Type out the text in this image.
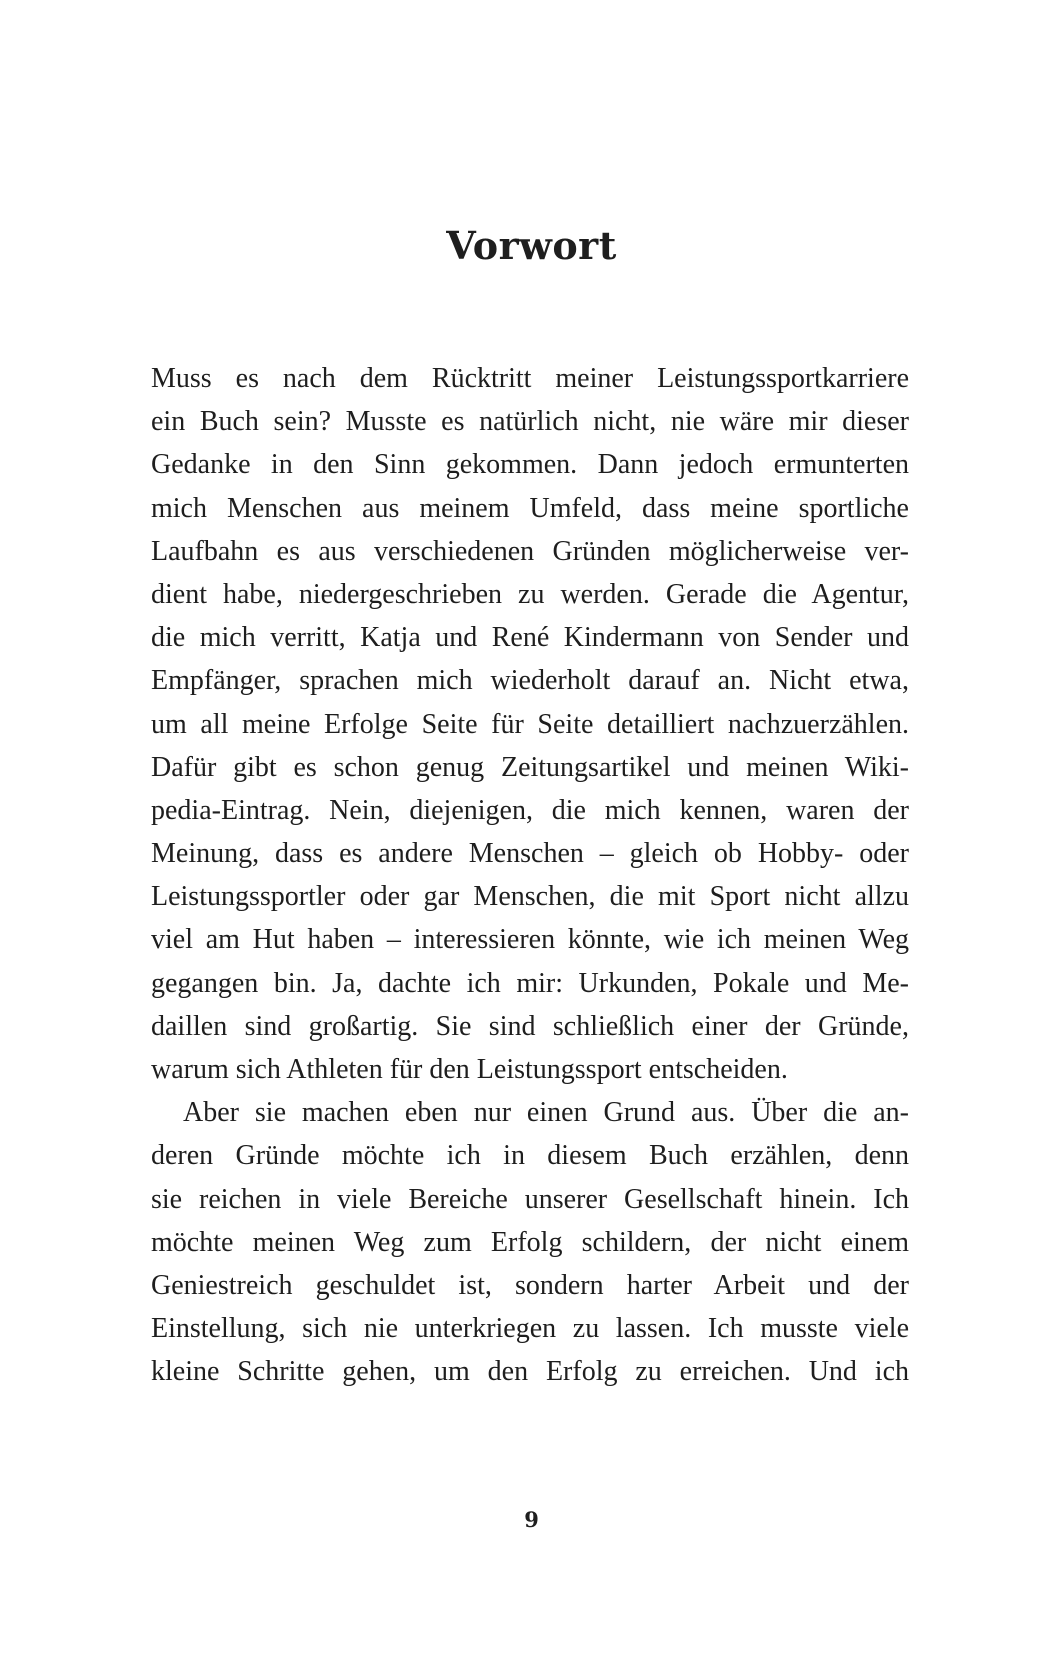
Vorwort
Muss es nach dem Rücktritt meiner Leistungssportkarriere
ein Buch sein? Musste es natürlich nicht, nie wäre mir dieser
Gedanke in den Sinn gekommen. Dann jedoch ermunterten
mich Menschen aus meinem Umfeld, dass meine sportliche
Laufbahn es aus verschiedenen Gründen möglicherweise ver-
dient habe, niedergeschrieben zu werden. Gerade die Agentur,
die mich verritt, Katja und René Kindermann von Sender und
Empfänger, sprachen mich wiederholt darauf an. Nicht etwa,
um all meine Erfolge Seite für Seite detailliert nachzuerzählen.
Dafür gibt es schon genug Zeitungsartikel und meinen Wiki-
pedia-Eintrag. Nein, diejenigen, die mich kennen, waren der
Meinung, dass es andere Menschen – gleich ob Hobby- oder
Leistungssportler oder gar Menschen, die mit Sport nicht allzu
viel am Hut haben – interessieren könnte, wie ich meinen Weg
gegangen bin. Ja, dachte ich mir: Urkunden, Pokale und Me-
daillen sind großartig. Sie sind schließlich einer der Gründe,
warum sich Athleten für den Leistungssport entscheiden.
Aber sie machen eben nur einen Grund aus. Über die an-
deren Gründe möchte ich in diesem Buch erzählen, denn
sie reichen in viele Bereiche unserer Gesellschaft hinein. Ich
möchte meinen Weg zum Erfolg schildern, der nicht einem
Geniestreich geschuldet ist, sondern harter Arbeit und der
Einstellung, sich nie unterkriegen zu lassen. Ich musste viele
kleine Schritte gehen, um den Erfolg zu erreichen. Und ich

9
